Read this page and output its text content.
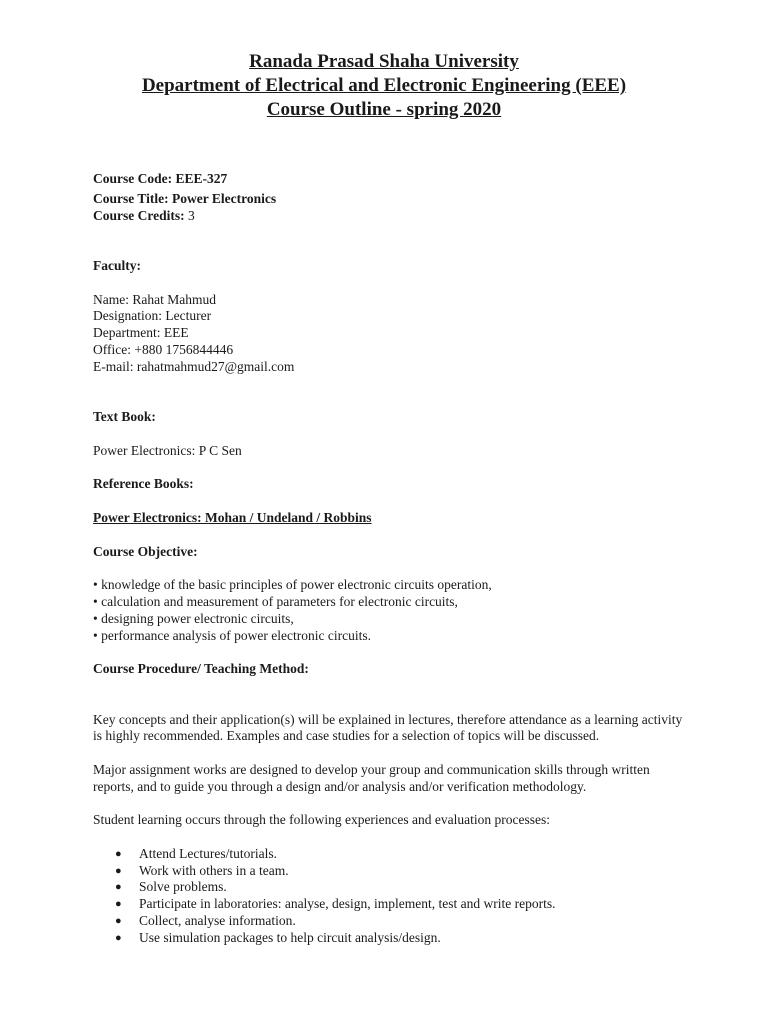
Ranada Prasad Shaha University
Department of Electrical and Electronic Engineering (EEE)
Course Outline - spring 2020
Course Code: EEE-327
Course Title: Power Electronics
Course Credits: 3
Faculty:
Name: Rahat Mahmud
Designation: Lecturer
Department: EEE
Office: +880 1756844446
E-mail: rahatmahmud27@gmail.com
Text Book:
Power Electronics: P C Sen
Reference Books:
Power Electronics: Mohan / Undeland / Robbins
Course Objective:
• knowledge of the basic principles of power electronic circuits operation,
• calculation and measurement of parameters for electronic circuits,
• designing power electronic circuits,
• performance analysis of power electronic circuits.
Course Procedure/ Teaching Method:
Key concepts and their application(s) will be explained in lectures, therefore attendance as a learning activity is highly recommended. Examples and case studies for a selection of topics will be discussed.
Major assignment works are designed to develop your group and communication skills through written reports, and to guide you through a design and/or analysis and/or verification methodology.
Student learning occurs through the following experiences and evaluation processes:
● Attend Lectures/tutorials.
● Work with others in a team.
● Solve problems.
● Participate in laboratories: analyse, design, implement, test and write reports.
● Collect, analyse information.
● Use simulation packages to help circuit analysis/design.
